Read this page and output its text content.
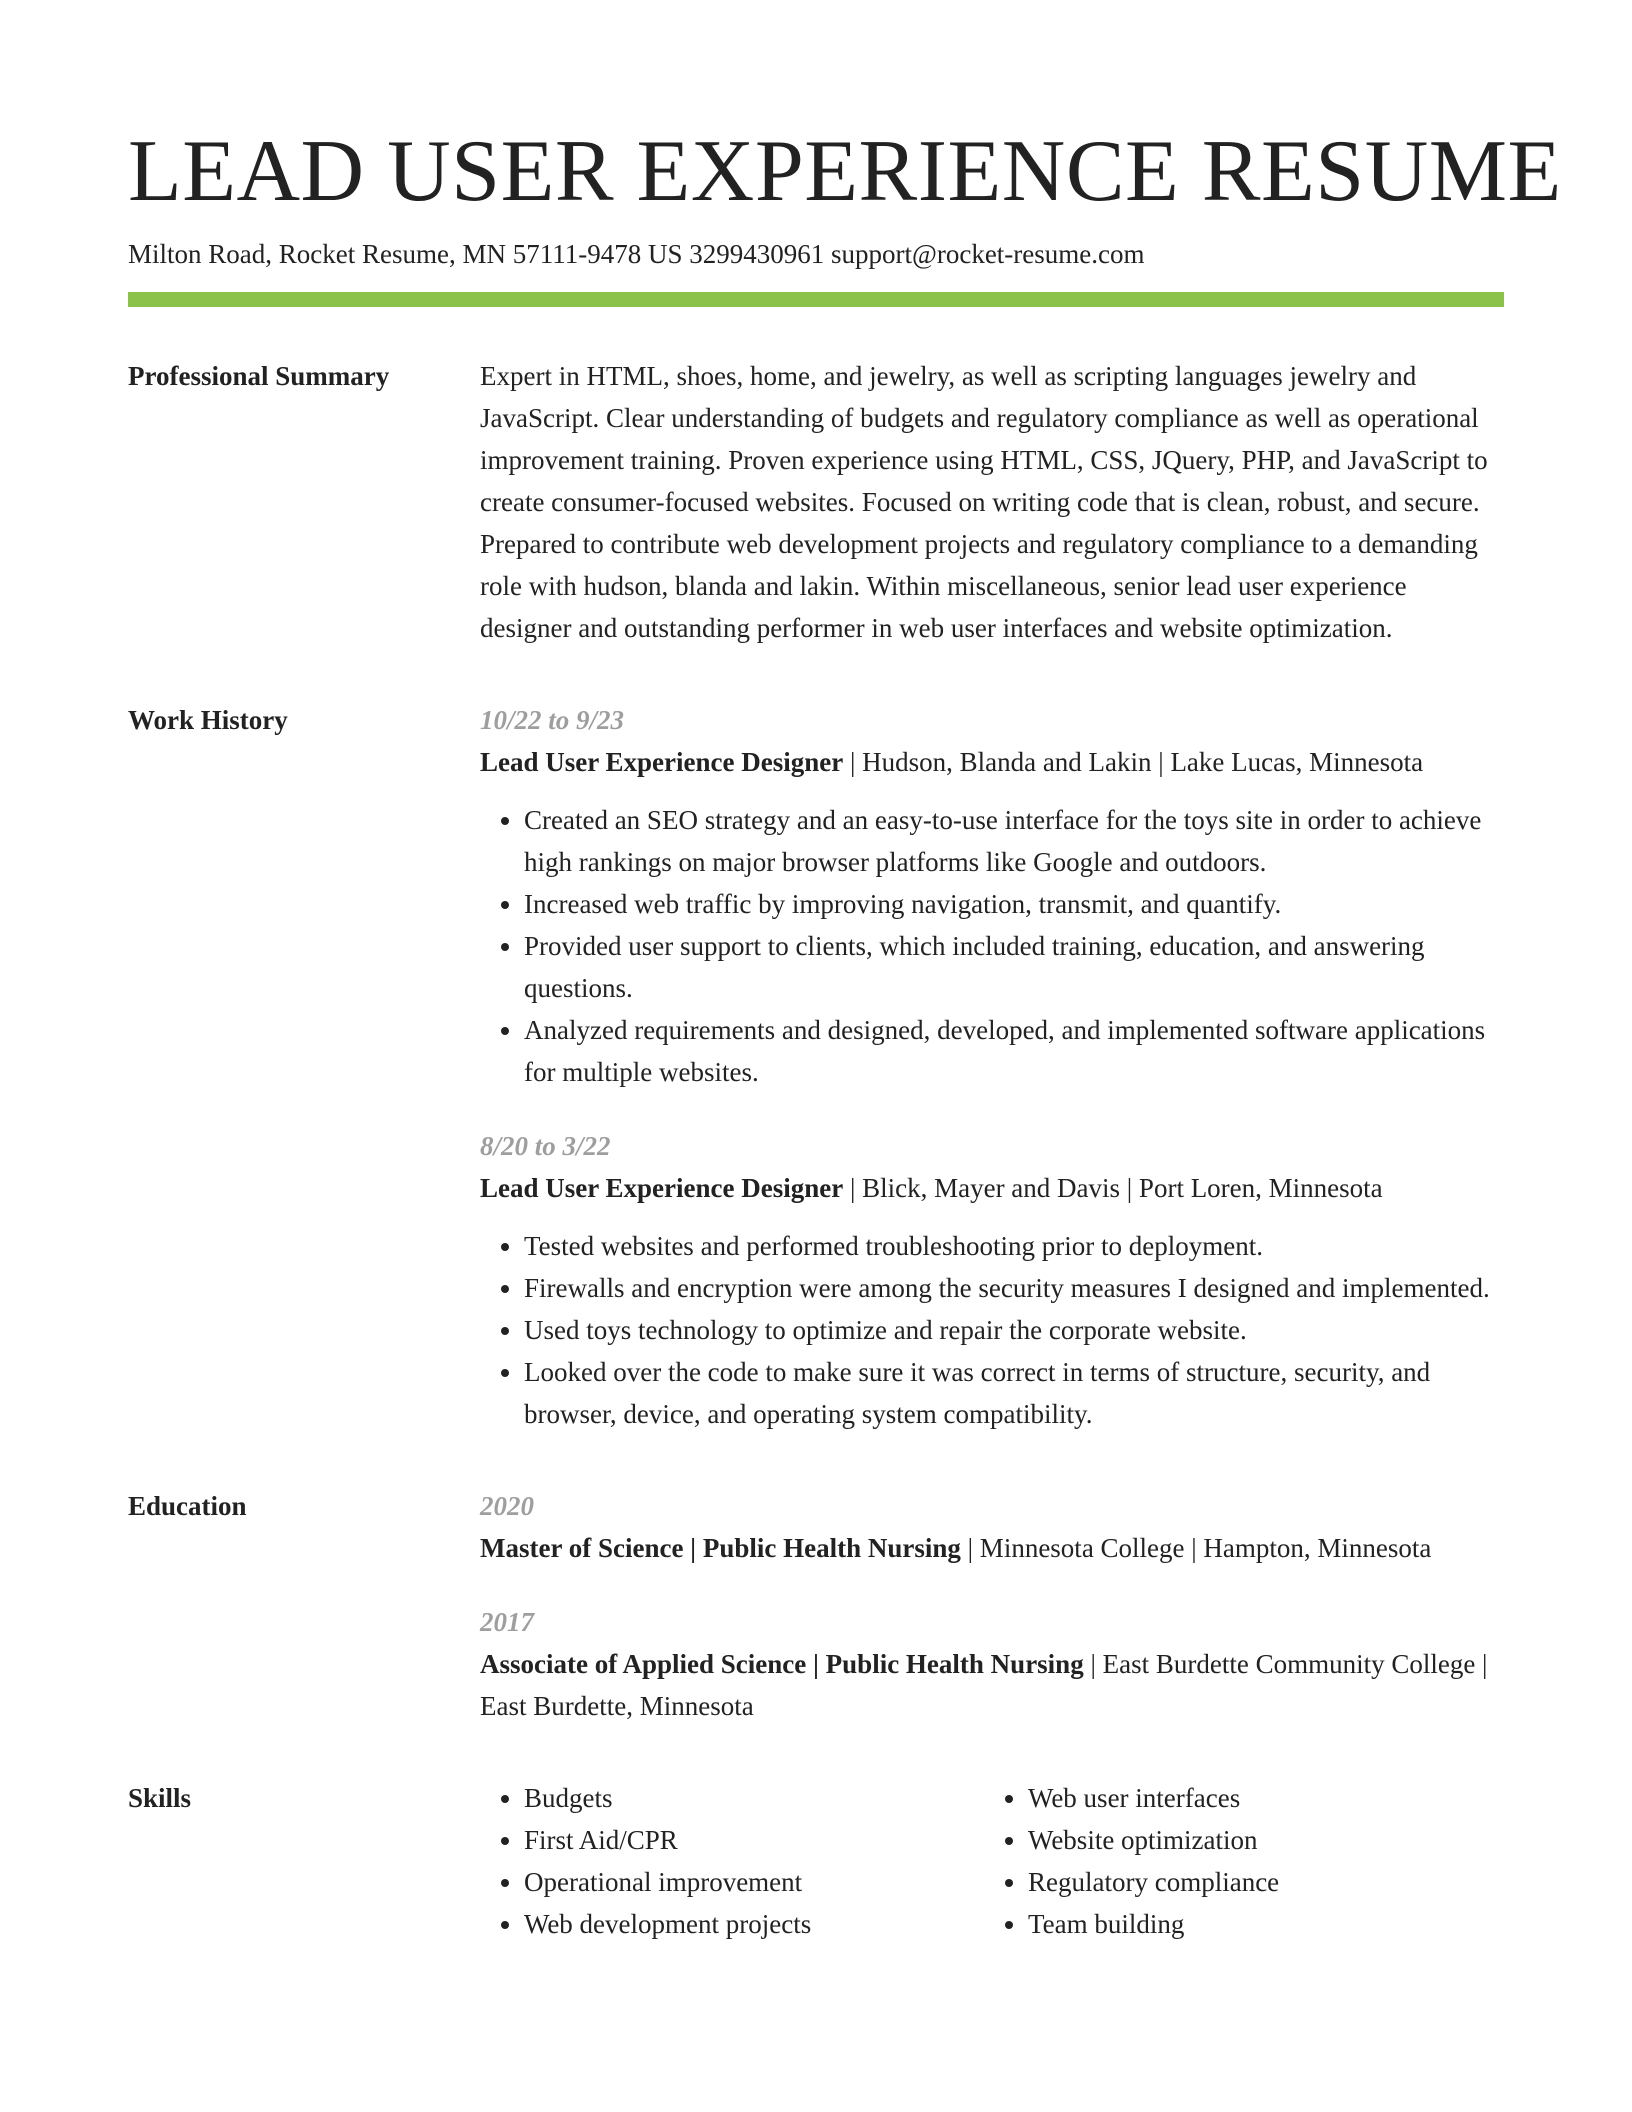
LEAD USER EXPERIENCE RESUME
Milton Road, Rocket Resume, MN 57111-9478 US 3299430961 support@rocket-resume.com
Professional Summary	Expert in HTML, shoes, home, and jewelry, as well as scripting languages jewelry and JavaScript. Clear understanding of budgets and regulatory compliance as well as operational improvement training. Proven experience using HTML, CSS, JQuery, PHP, and JavaScript to create consumer-focused websites. Focused on writing code that is clean, robust, and secure. Prepared to contribute web development projects and regulatory compliance to a demanding role with hudson, blanda and lakin. Within miscellaneous, senior lead user experience designer and outstanding performer in web user interfaces and website optimization.

Work History	10/22 to 9/23
Lead User Experience Designer | Hudson, Blanda and Lakin | Lake Lucas, Minnesota
• Created an SEO strategy and an easy-to-use interface for the toys site in order to achieve high rankings on major browser platforms like Google and outdoors.
• Increased web traffic by improving navigation, transmit, and quantify.
• Provided user support to clients, which included training, education, and answering questions.
• Analyzed requirements and designed, developed, and implemented software applications for multiple websites.
8/20 to 3/22
Lead User Experience Designer | Blick, Mayer and Davis | Port Loren, Minnesota
• Tested websites and performed troubleshooting prior to deployment.
• Firewalls and encryption were among the security measures I designed and implemented.
• Used toys technology to optimize and repair the corporate website.
• Looked over the code to make sure it was correct in terms of structure, security, and browser, device, and operating system compatibility.
Education	2020
Master of Science | Public Health Nursing | Minnesota College | Hampton, Minnesota
2017
Associate of Applied Science | Public Health Nursing | East Burdette Community College | East Burdette, Minnesota
Skills
•	Budgets
• First Aid/CPR
• Operational improvement
• Web development projects
• Web user interfaces
• Website optimization
• Regulatory compliance
• Team building
